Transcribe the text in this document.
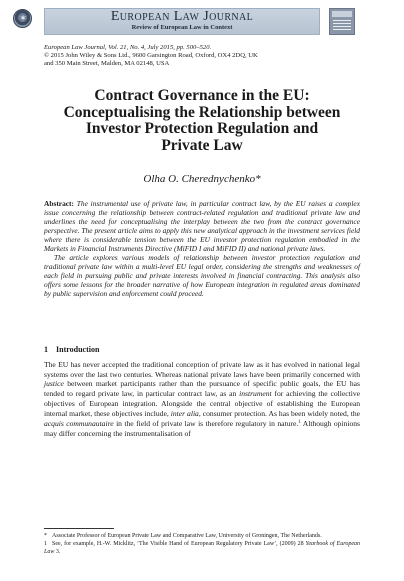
✶	European Law Journal
Review of European Law in Context
European Law Journal, Vol. 21, No. 4, July 2015, pp. 500–520.
© 2015 John Wiley & Sons Ltd., 9600 Garsington Road, Oxford, OX4 2DQ, UK
and 350 Main Street, Malden, MA 02148, USA
Contract Governance in the EU:
Conceptualising the Relationship between
Investor Protection Regulation and
Private Law
Olha O. Cherednychenko*

Abstract: The instrumental use of private law, in particular contract law, by the EU raises a complex issue concerning the relationship between contract-related regulation and traditional private law and underlines the need for conceptualising the interplay between the two from the contract governance perspective. The present article aims to apply this new analytical approach in the investment services field where there is considerable tension between the EU investor protection regulation embodied in the Markets in Financial Instruments Directive (MiFID I and MiFID II) and national private laws.

The article explores various models of relationship between investor protection regulation and traditional private law within a multi-level EU legal order, considering the strengths and weaknesses of each field in pursuing public and private interests involved in financial contracting. This analysis also offers some lessons for the broader narrative of how European integration in regulated areas dominated by public supervision and enforcement could proceed.

1 Introduction

The EU has never accepted the traditional conception of private law as it has evolved in national legal systems over the last two centuries. Whereas national private laws have been primarily concerned with justice between market participants rather than the pursuance of specific public goals, the EU has tended to regard private law, in particular contract law, as an instrument for achieving the collective objectives of European integration. Alongside the central objective of establishing the European internal market, these objectives include, inter alia, consumer protection. As has been widely noted, the acquis communautaire in the field of private law is therefore regulatory in nature.$^1$ Although opinions may differ concerning the instrumentalisation of

* Associate Professor of European Private Law and Comparative Law, University of Groningen, The Netherlands.

1 See, for example, H.-W. Micklitz, ‘The Visible Hand of European Regulatory Private Law’, (2009) 28 Yearbook of European Law 3.
